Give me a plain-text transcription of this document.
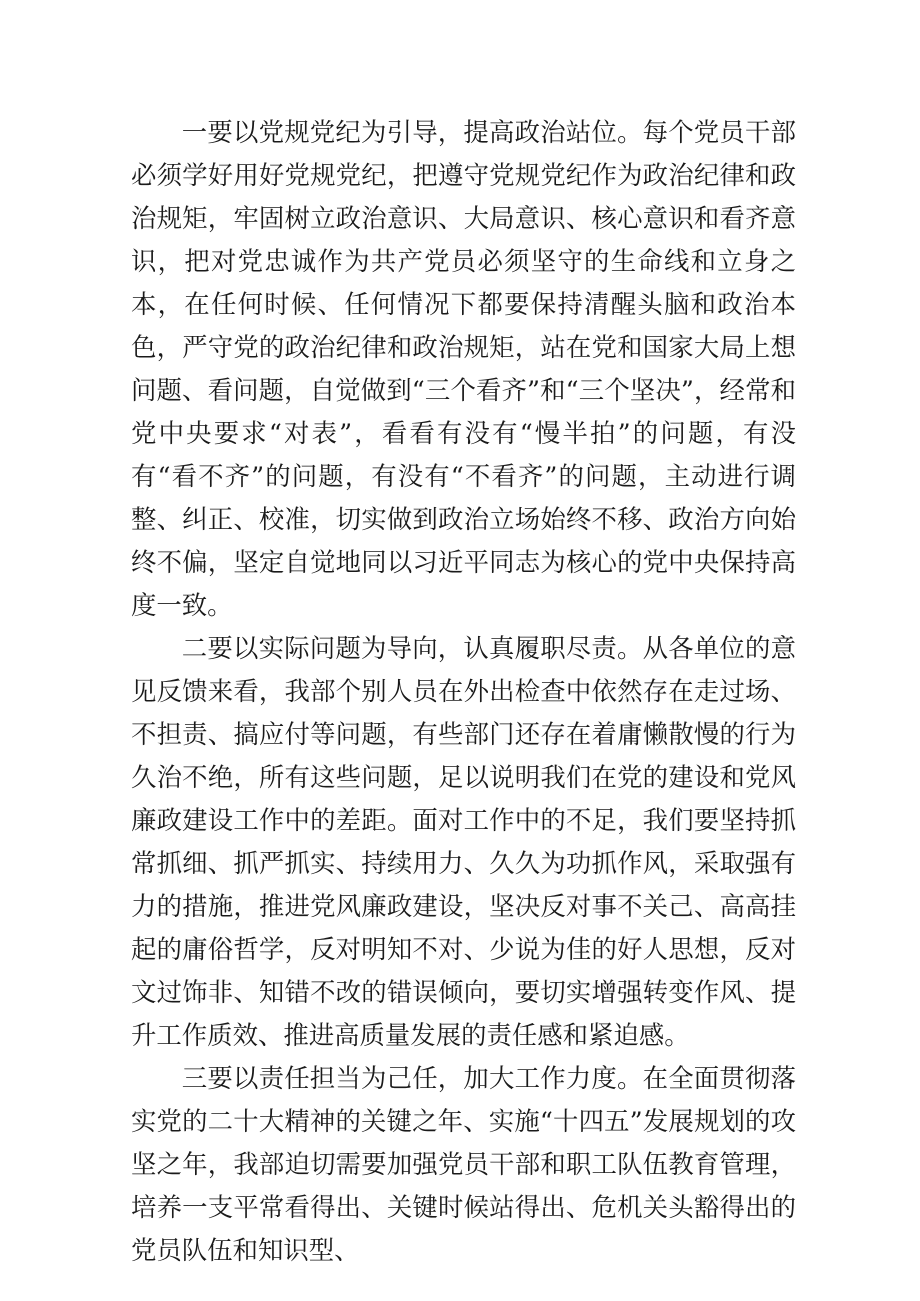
一要以党规党纪为引导，提高政治站位。每个党员干部必须学好用好党规党纪，把遵守党规党纪作为政治纪律和政治规矩，牢固树立政治意识、大局意识、核心意识和看齐意识，把对党忠诚作为共产党员必须坚守的生命线和立身之本，在任何时候、任何情况下都要保持清醒头脑和政治本色，严守党的政治纪律和政治规矩，站在党和国家大局上想问题、看问题，自觉做到“三个看齐”和“三个坚决”，经常和党中央要求“对表”，看看有没有“慢半拍”的问题，有没有“看不齐”的问题，有没有“不看齐”的问题，主动进行调整、纠正、校准，切实做到政治立场始终不移、政治方向始终不偏，坚定自觉地同以习近平同志为核心的党中央保持高度一致。

二要以实际问题为导向，认真履职尽责。从各单位的意见反馈来看，我部个别人员在外出检查中依然存在走过场、不担责、搞应付等问题，有些部门还存在着庸懒散慢的行为久治不绝，所有这些问题，足以说明我们在党的建设和党风廉政建设工作中的差距。面对工作中的不足，我们要坚持抓常抓细、抓严抓实、持续用力、久久为功抓作风，采取强有力的措施，推进党风廉政建设，坚决反对事不关己、高高挂起的庸俗哲学，反对明知不对、少说为佳的好人思想，反对文过饰非、知错不改的错误倾向，要切实增强转变作风、提升工作质效、推进高质量发展的责任感和紧迫感。

三要以责任担当为己任，加大工作力度。在全面贯彻落实党的二十大精神的关键之年、实施“十四五”发展规划的攻坚之年，我部迫切需要加强党员干部和职工队伍教育管理，培养一支平常看得出、关键时候站得出、危机关头豁得出的党员队伍和知识型、
